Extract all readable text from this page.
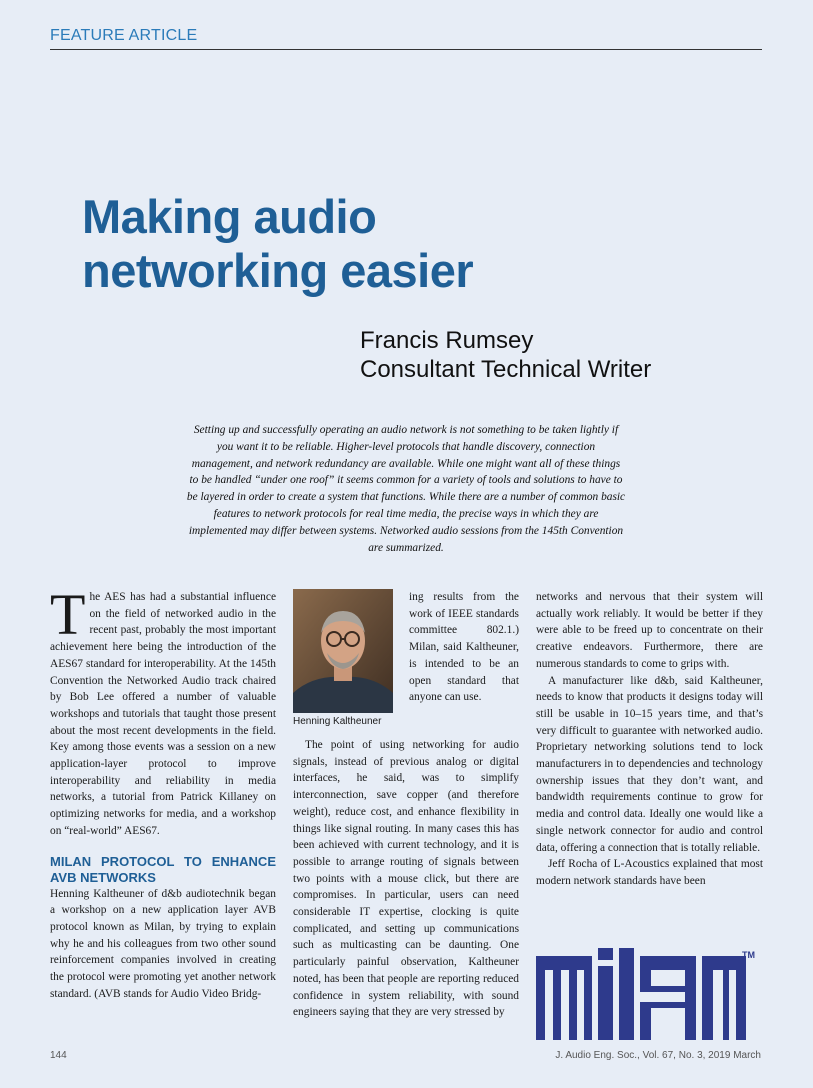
FEATURE ARTICLE
Making audio
networking easier
Francis Rumsey
Consultant Technical Writer
Setting up and successfully operating an audio network is not something to be taken lightly if you want it to be reliable. Higher-level protocols that handle discovery, connection management, and network redundancy are available. While one might want all of these things to be handled “under one roof” it seems common for a variety of tools and solutions to have to be layered in order to create a system that functions. While there are a number of common basic features to network protocols for real time media, the precise ways in which they are implemented may differ between systems. Networked audio sessions from the 145th Convention are summarized.

The AES has had a substantial influence on the field of networked audio in the recent past, probably the most important achievement here being the introduction of the AES67 standard for interoperability. At the 145th Convention the Networked Audio track chaired by Bob Lee offered a number of valuable workshops and tutorials that taught those present about the most recent developments in the field. Key among those events was a session on a new application-layer protocol to improve interoperability and reliability in media networks, a tutorial from Patrick Killaney on optimizing networks for media, and a workshop on “real-world” AES67.

MILAN PROTOCOL TO ENHANCE AVB NETWORKS

Henning Kaltheuner of d&b audiotechnik began a workshop on a new application layer AVB protocol known as Milan, by trying to explain why he and his colleagues from two other sound reinforcement companies involved in creating the protocol were promoting yet another network standard. (AVB stands for Audio Video Bridg-

Henning Kaltheuner

ing results from the work of IEEE standards committee 802.1.) Milan, said Kaltheuner, is intended to be an open standard that anyone can use.

The point of using networking for audio signals, instead of previous analog or digital interfaces, he said, was to simplify interconnection, save copper (and therefore weight), reduce cost, and enhance flexibility in things like signal routing. In many cases this has been achieved with current technology, and it is possible to arrange routing of signals between two points with a mouse click, but there are compromises. In particular, users can need considerable IT expertise, clocking is quite complicated, and setting up communications such as multicasting can be daunting. One particularly painful observation, Kaltheuner noted, has been that people are reporting reduced confidence in system reliability, with sound engineers saying that they are very stressed by

networks and nervous that their system will actually work reliably. It would be better if they were able to be freed up to concentrate on their creative endeavors. Furthermore, there are numerous standards to come to grips with.

A manufacturer like d&b, said Kaltheuner, needs to know that products it designs today will still be usable in 10–15 years time, and that’s very difficult to guarantee with networked audio. Proprietary networking solutions tend to lock manufacturers in to dependencies and technology ownership issues that they don’t want, and bandwidth requirements continue to grow for media and control data. Ideally one would like a single network connector for audio and control data, offering a connection that is totally reliable.

Jeff Rocha of L-Acoustics explained that most modern network standards have been

TM
144	J. Audio Eng. Soc., Vol. 67, No. 3, 2019 March
